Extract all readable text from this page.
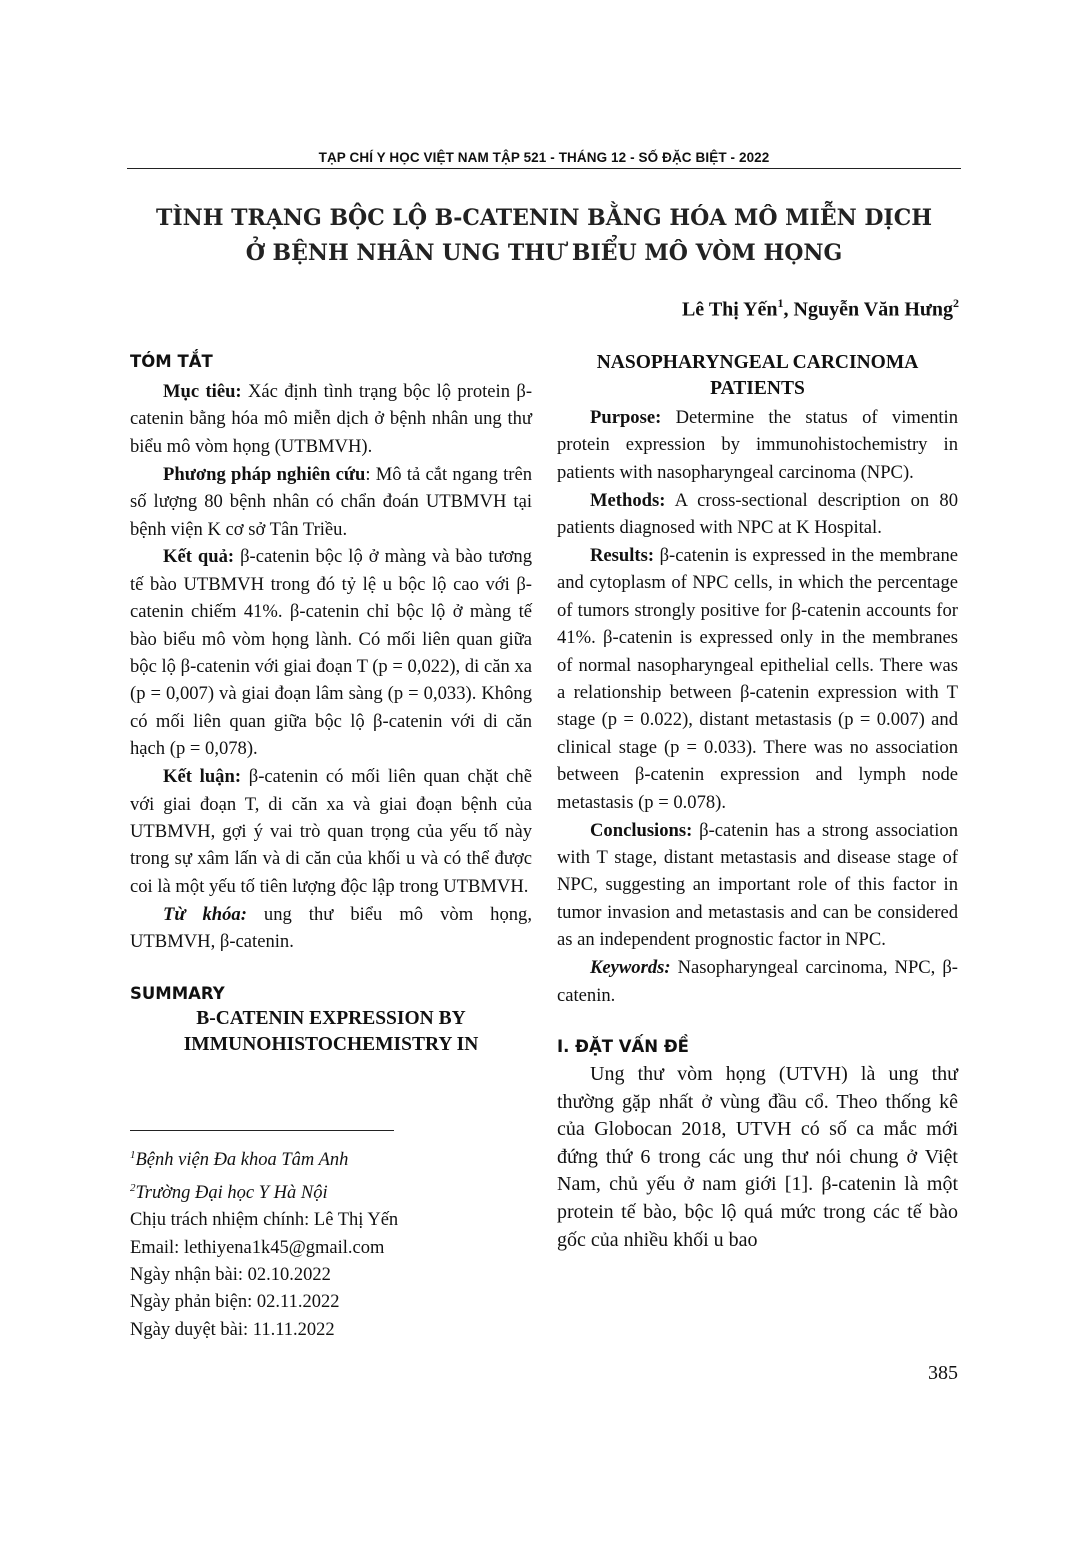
TẠP CHÍ Y HỌC VIỆT NAM TẬP 521 - THÁNG 12 - SỐ ĐẶC BIỆT - 2022
TÌNH TRẠNG BỘC LỘ Β-CATENIN BẰNG HÓA MÔ MIỄN DỊCH
Ở BỆNH NHÂN UNG THƯ BIỂU MÔ VÒM HỌNG
Lê Thị Yến$^1$, Nguyễn Văn Hưng$^2$
TÓM TẮT

Mục tiêu: Xác định tình trạng bộc lộ protein β-catenin bằng hóa mô miễn dịch ở bệnh nhân ung thư biểu mô vòm họng (UTBMVH).

Phương pháp nghiên cứu: Mô tả cắt ngang trên số lượng 80 bệnh nhân có chẩn đoán UTBMVH tại bệnh viện K cơ sở Tân Triều.

Kết quả: β-catenin bộc lộ ở màng và bào tương tế bào UTBMVH trong đó tỷ lệ u bộc lộ cao với β-catenin chiếm 41%. β-catenin chỉ bộc lộ ở màng tế bào biểu mô vòm họng lành. Có mối liên quan giữa bộc lộ β-catenin với giai đoạn T (p = 0,022), di căn xa (p = 0,007) và giai đoạn lâm sàng (p = 0,033). Không có mối liên quan giữa bộc lộ β-catenin với di căn hạch (p = 0,078).

Kết luận: β-catenin có mối liên quan chặt chẽ với giai đoạn T, di căn xa và giai đoạn bệnh của UTBMVH, gợi ý vai trò quan trọng của yếu tố này trong sự xâm lấn và di căn của khối u và có thể được coi là một yếu tố tiên lượng độc lập trong UTBMVH.

Từ khóa: ung thư biểu mô vòm họng, UTBMVH, β-catenin.

SUMMARY
B-CATENIN EXPRESSION BY IMMUNOHISTOCHEMISTRY IN
$^1$Bệnh viện Đa khoa Tâm Anh
$^2$Trường Đại học Y Hà Nội
Chịu trách nhiệm chính: Lê Thị Yến
Email: lethiyena1k45@gmail.com
Ngày nhận bài: 02.10.2022
Ngày phản biện: 02.11.2022
Ngày duyệt bài: 11.11.2022
NASOPHARYNGEAL CARCINOMA PATIENTS

Purpose: Determine the status of vimentin protein expression by immunohistochemistry in patients with nasopharyngeal carcinoma (NPC).

Methods: A cross-sectional description on 80 patients diagnosed with NPC at K Hospital.

Results: β-catenin is expressed in the membrane and cytoplasm of NPC cells, in which the percentage of tumors strongly positive for β-catenin accounts for 41%. β-catenin is expressed only in the membranes of normal nasopharyngeal epithelial cells. There was a relationship between β-catenin expression with T stage (p = 0.022), distant metastasis (p = 0.007) and clinical stage (p = 0.033). There was no association between β-catenin expression and lymph node metastasis (p = 0.078).

Conclusions: β-catenin has a strong association with T stage, distant metastasis and disease stage of NPC, suggesting an important role of this factor in tumor invasion and metastasis and can be considered as an independent prognostic factor in NPC.

Keywords: Nasopharyngeal carcinoma, NPC, β-catenin.

I. ĐẶT VẤN ĐỀ

Ung thư vòm họng (UTVH) là ung thư thường gặp nhất ở vùng đầu cổ. Theo thống kê của Globocan 2018, UTVH có số ca mắc mới đứng thứ 6 trong các ung thư nói chung ở Việt Nam, chủ yếu ở nam giới [1]. β-catenin là một protein tế bào, bộc lộ quá mức trong các tế bào gốc của nhiều khối u bao

385
